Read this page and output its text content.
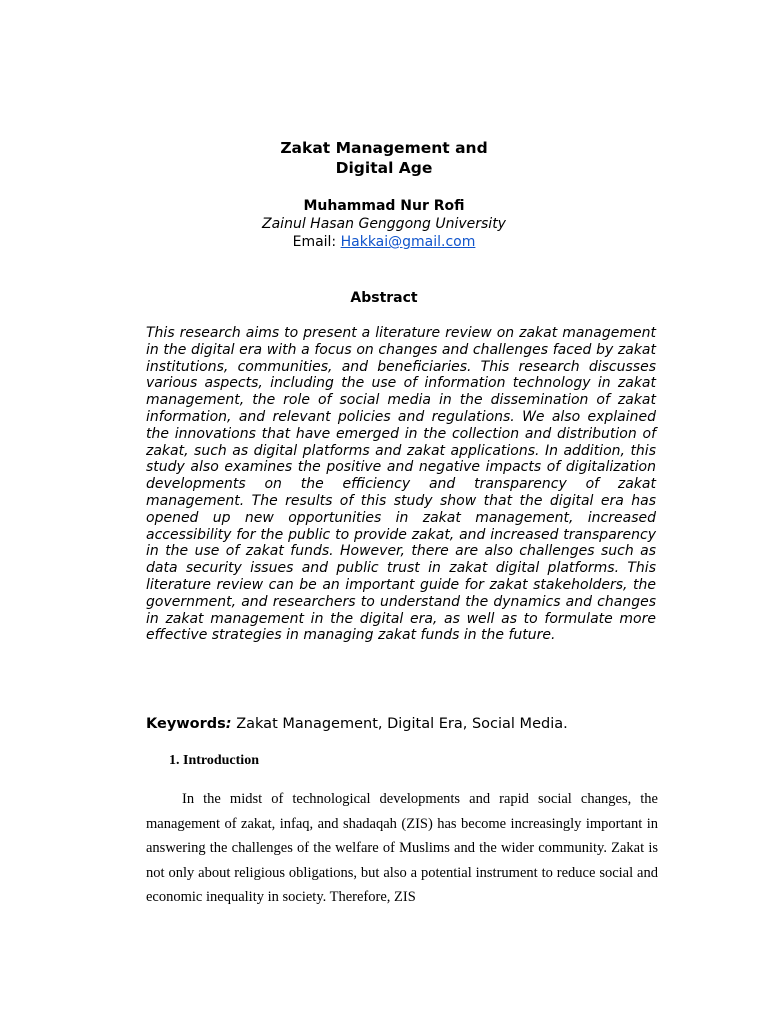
Zakat Management and
Digital Age
Muhammad Nur Rofi
Zainul Hasan Genggong University
Email: Hakkai@gmail.com
Abstract

This research aims to present a literature review on zakat management in the digital era with a focus on changes and challenges faced by zakat institutions, communities, and beneficiaries. This research discusses various aspects, including the use of information technology in zakat management, the role of social media in the dissemination of zakat information, and relevant policies and regulations. We also explained the innovations that have emerged in the collection and distribution of zakat, such as digital platforms and zakat applications. In addition, this study also examines the positive and negative impacts of digitalization developments on the efficiency and transparency of zakat management. The results of this study show that the digital era has opened up new opportunities in zakat management, increased accessibility for the public to provide zakat, and increased transparency in the use of zakat funds. However, there are also challenges such as data security issues and public trust in zakat digital platforms. This literature review can be an important guide for zakat stakeholders, the government, and researchers to understand the dynamics and changes in zakat management in the digital era, as well as to formulate more effective strategies in managing zakat funds in the future.

Keywords: Zakat Management, Digital Era, Social Media.
1. Introduction

In the midst of technological developments and rapid social changes, the management of zakat, infaq, and shadaqah (ZIS) has become increasingly important in answering the challenges of the welfare of Muslims and the wider community. Zakat is not only about religious obligations, but also a potential instrument to reduce social and economic inequality in society. Therefore, ZIS
